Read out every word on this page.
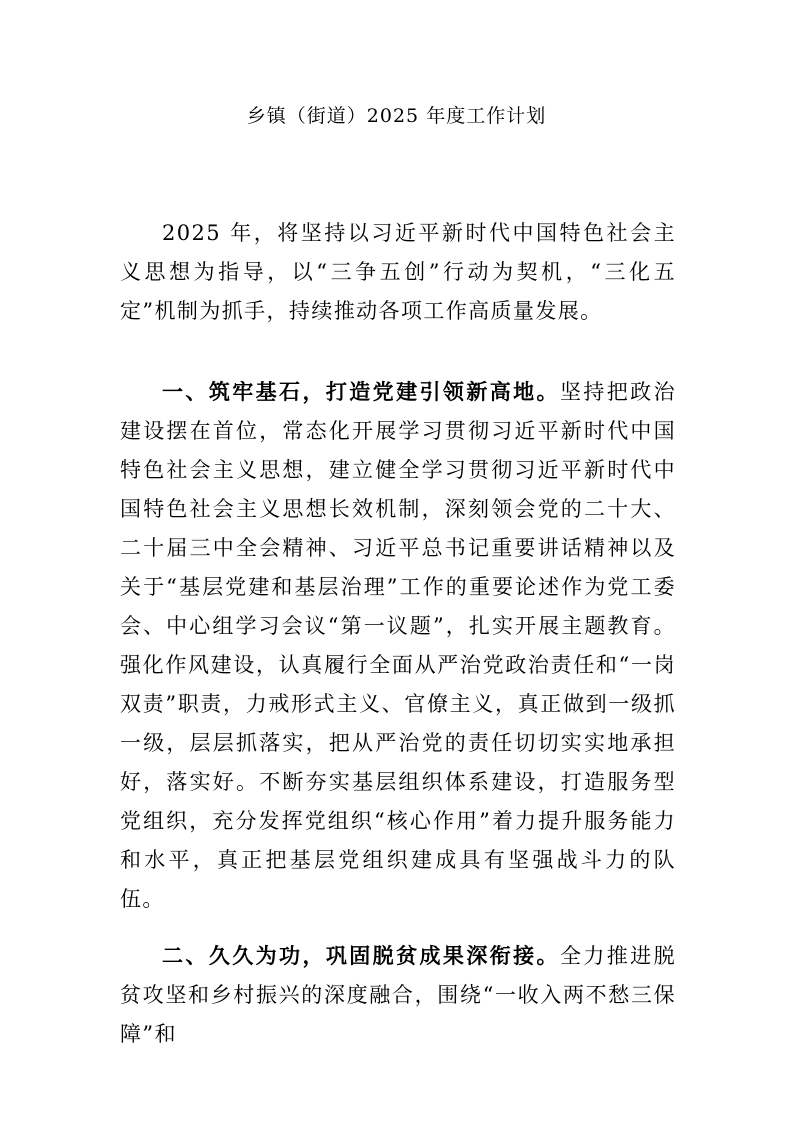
乡镇（街道）2025 年度工作计划

2025 年，将坚持以习近平新时代中国特色社会主义思想为指导，以“三争五创”行动为契机，“三化五定”机制为抓手，持续推动各项工作高质量发展。

一、筑牢基石，打造党建引领新高地。坚持把政治建设摆在首位，常态化开展学习贯彻习近平新时代中国特色社会主义思想，建立健全学习贯彻习近平新时代中国特色社会主义思想长效机制，深刻领会党的二十大、二十届三中全会精神、习近平总书记重要讲话精神以及关于“基层党建和基层治理”工作的重要论述作为党工委会、中心组学习会议“第一议题”，扎实开展主题教育。强化作风建设，认真履行全面从严治党政治责任和“一岗双责”职责，力戒形式主义、官僚主义，真正做到一级抓一级，层层抓落实，把从严治党的责任切切实实地承担好，落实好。不断夯实基层组织体系建设，打造服务型党组织，充分发挥党组织“核心作用”着力提升服务能力和水平，真正把基层党组织建成具有坚强战斗力的队伍。

二、久久为功，巩固脱贫成果深衔接。全力推进脱贫攻坚和乡村振兴的深度融合，围绕“一收入两不愁三保障”和
